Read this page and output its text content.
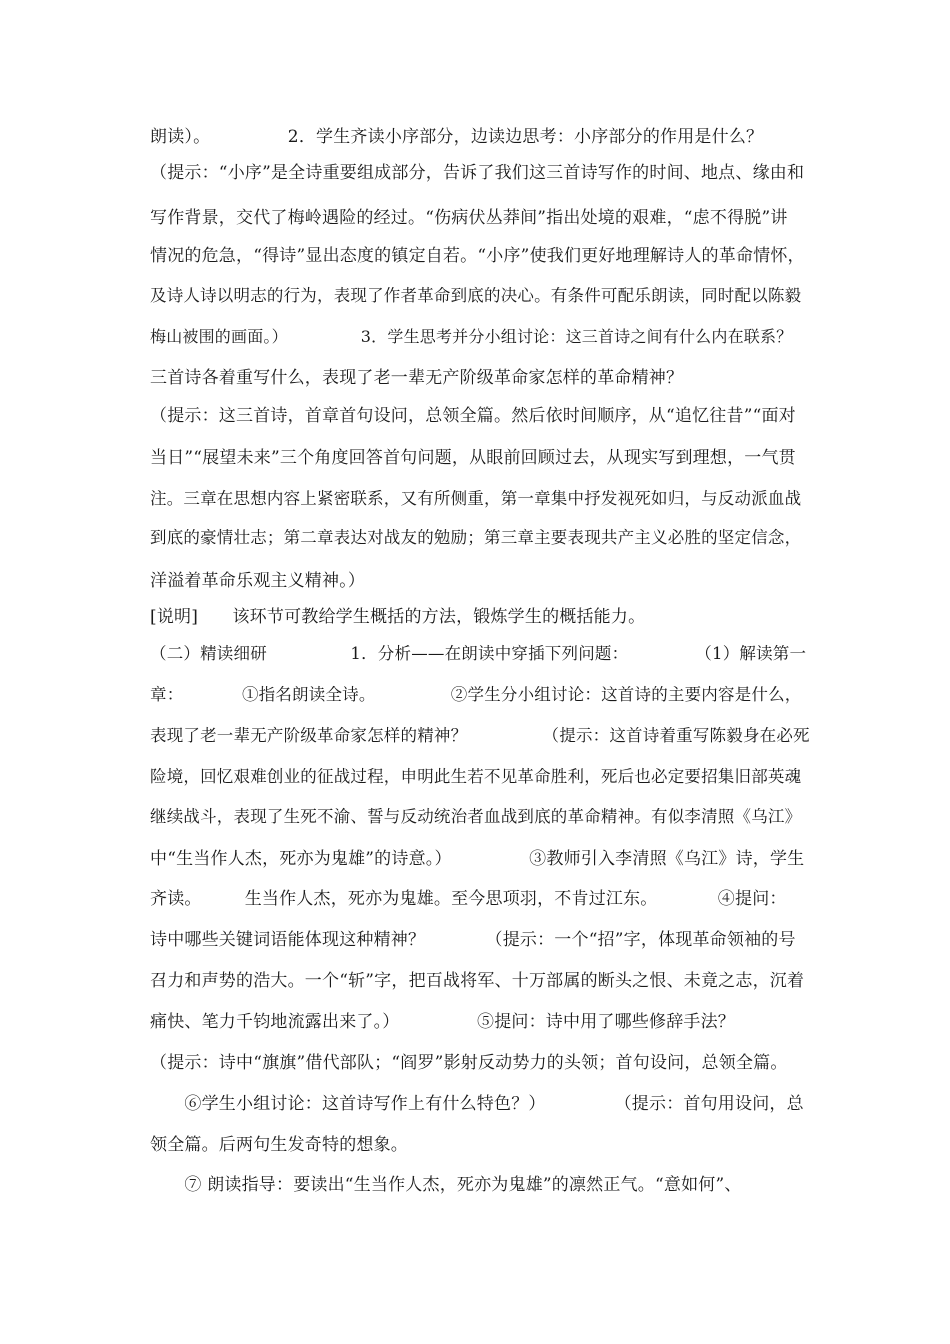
朗读）。　　　　　2．学生齐读小序部分，边读边思考：小序部分的作用是什么？
（提示：“小序”是全诗重要组成部分，告诉了我们这三首诗写作的时间、地点、缘由和
写作背景，交代了梅岭遇险的经过。“伤病伏丛莽间”指出处境的艰难，“虑不得脱”讲
情况的危急，“得诗”显出态度的镇定自若。“小序”使我们更好地理解诗人的革命情怀，
及诗人诗以明志的行为，表现了作者革命到底的决心。有条件可配乐朗读，同时配以陈毅
梅山被围的画面。）　　　　　3．学生思考并分小组讨论：这三首诗之间有什么内在联系？
三首诗各着重写什么，表现了老一辈无产阶级革命家怎样的革命精神？
（提示：这三首诗，首章首句设问，总领全篇。然后依时间顺序，从“追忆往昔”“面对
当日”“展望未来”三个角度回答首句问题，从眼前回顾过去，从现实写到理想，一气贯
注。三章在思想内容上紧密联系，又有所侧重，第一章集中抒发视死如归，与反动派血战
到底的豪情壮志；第二章表达对战友的勉励；第三章主要表现共产主义必胜的坚定信念，
洋溢着革命乐观主义精神。）
[说明]　　该环节可教给学生概括的方法，锻炼学生的概括能力。
（二）精读细研　　　　　1．分析——在朗读中穿插下列问题：　　　　　（1）解读第一
章：　　　　①指名朗读全诗。　　　　　②学生分小组讨论：这首诗的主要内容是什么，
表现了老一辈无产阶级革命家怎样的精神？　　　　　（提示：这首诗着重写陈毅身在必死
险境，回忆艰难创业的征战过程，申明此生若不见革命胜利，死后也必定要招集旧部英魂
继续战斗，表现了生死不渝、誓与反动统治者血战到底的革命精神。有似李清照《乌江》
中“生当作人杰，死亦为鬼雄”的诗意。）　　　　　③教师引入李清照《乌江》诗，学生
齐读。　　　生当作人杰，死亦为鬼雄。至今思项羽，不肯过江东。　　　　④提问：
诗中哪些关键词语能体现这种精神？　　　　（提示：一个“招”字，体现革命领袖的号
召力和声势的浩大。一个“斩”字，把百战将军、十万部属的断头之恨、未竟之志，沉着
痛快、笔力千钧地流露出来了。）　　　　　⑤提问：诗中用了哪些修辞手法？
（提示：诗中“旗旗”借代部队；“阎罗”影射反动势力的头领；首句设问，总领全篇。
　　⑥学生小组讨论：这首诗写作上有什么特色？）　　　　　（提示：首句用设问，总
领全篇。后两句生发奇特的想象。
　　⑦ 朗读指导：要读出“生当作人杰，死亦为鬼雄”的凛然正气。“意如何”、
